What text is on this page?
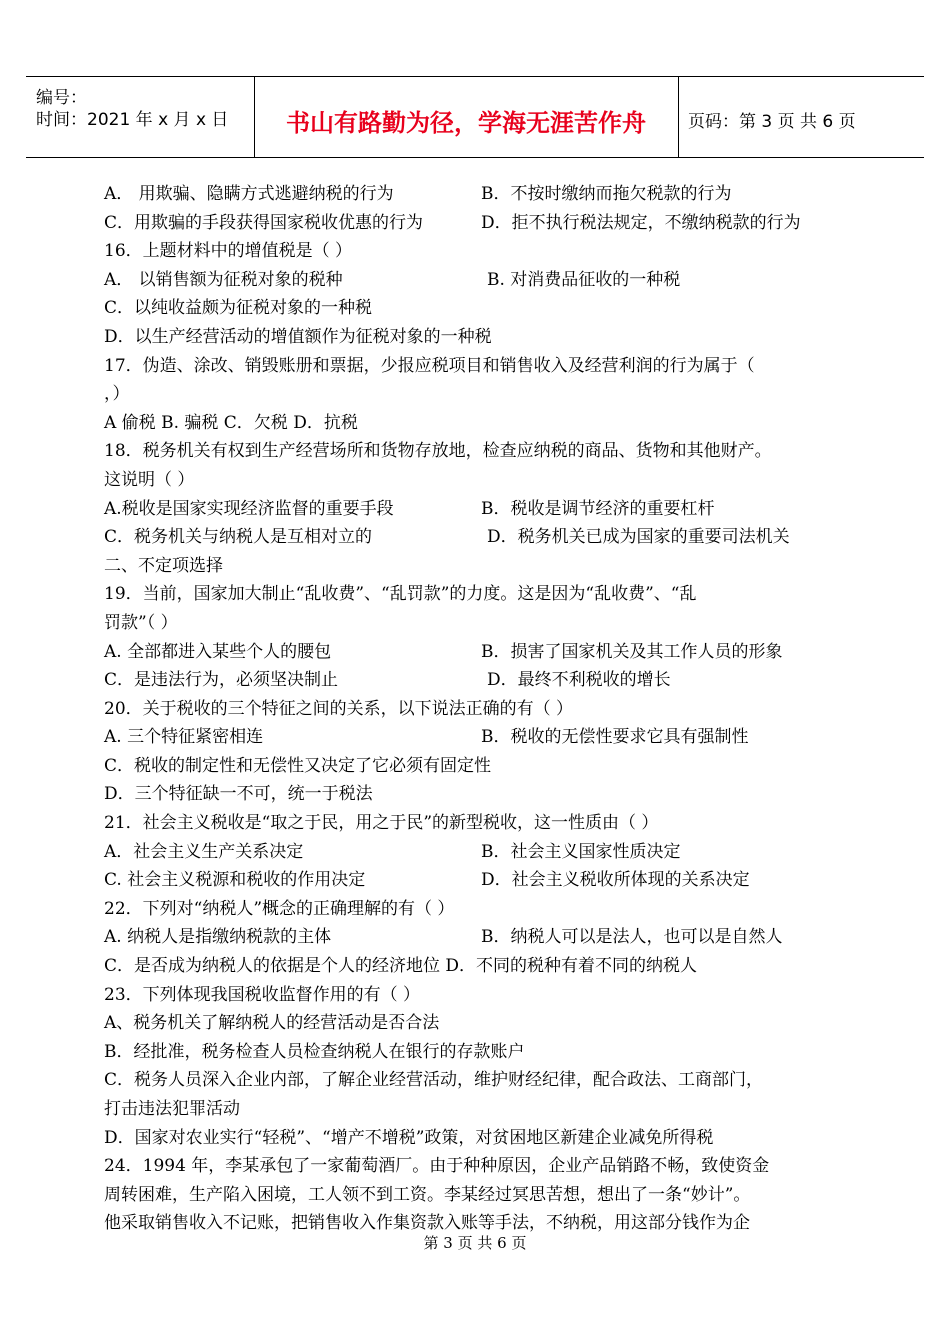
编号：
时间：2021 年 x 月 x 日	书山有路勤为径，学海无涯苦作舟	页码：第 3 页 共 6 页
A． 用欺骗、隐瞒方式逃避纳税的行为	B．不按时缴纳而拖欠税款的行为
C．用欺骗的手段获得国家税收优惠的行为	D．拒不执行税法规定，不缴纳税款的行为
16．上题材料中的增值税是（ ）
A． 以销售额为征税对象的税种	B. 对消费品征收的一种税
C．以纯收益颇为征税对象的一种税
D．以生产经营活动的增值额作为征税对象的一种税
17．伪造、涂改、销毁账册和票据，少报应税项目和销售收入及经营利润的行为属于（
，）
A 偷税 B. 骗税 C．欠税 D．抗税
18．税务机关有权到生产经营场所和货物存放地，检查应纳税的商品、货物和其他财产。
这说明（ ）
A.税收是国家实现经济监督的重要手段	B．税收是调节经济的重要杠杆
C．税务机关与纳税人是互相对立的	D．税务机关已成为国家的重要司法机关
二、不定项选择
19．当前，国家加大制止“乱收费”、“乱罚款”的力度。这是因为“乱收费”、“乱
罚款”（ ）
A. 全部都进入某些个人的腰包	B．损害了国家机关及其工作人员的形象
C．是违法行为，必须坚决制止	D．最终不利税收的增长
20．关于税收的三个特征之间的关系，以下说法正确的有（ ）
A. 三个特征紧密相连	B．税收的无偿性要求它具有强制性
C．税收的制定性和无偿性又决定了它必须有固定性
D．三个特征缺一不可，统一于税法
21．社会主义税收是“取之于民，用之于民”的新型税收，这一性质由（ ）
A．社会主义生产关系决定	B．社会主义国家性质决定
C. 社会主义税源和税收的作用决定	D．社会主义税收所体现的关系决定
22．下列对“纳税人”概念的正确理解的有（ ）
A. 纳税人是指缴纳税款的主体	B．纳税人可以是法人，也可以是自然人
C．是否成为纳税人的依据是个人的经济地位 D．不同的税种有着不同的纳税人
23．下列体现我国税收监督作用的有（ ）
A、税务机关了解纳税人的经营活动是否合法
B．经批准，税务检查人员检查纳税人在银行的存款账户
C．税务人员深入企业内部，了解企业经营活动，维护财经纪律，配合政法、工商部门，
打击违法犯罪活动
D．国家对农业实行“轻税”、“增产不增税”政策，对贫困地区新建企业减免所得税
24．1994 年，李某承包了一家葡萄酒厂。由于种种原因，企业产品销路不畅，致使资金
周转困难，生产陷入困境，工人领不到工资。李某经过冥思苦想，想出了一条“妙计”。
他采取销售收入不记账，把销售收入作集资款入账等手法，不纳税，用这部分钱作为企
第 3 页 共 6 页
